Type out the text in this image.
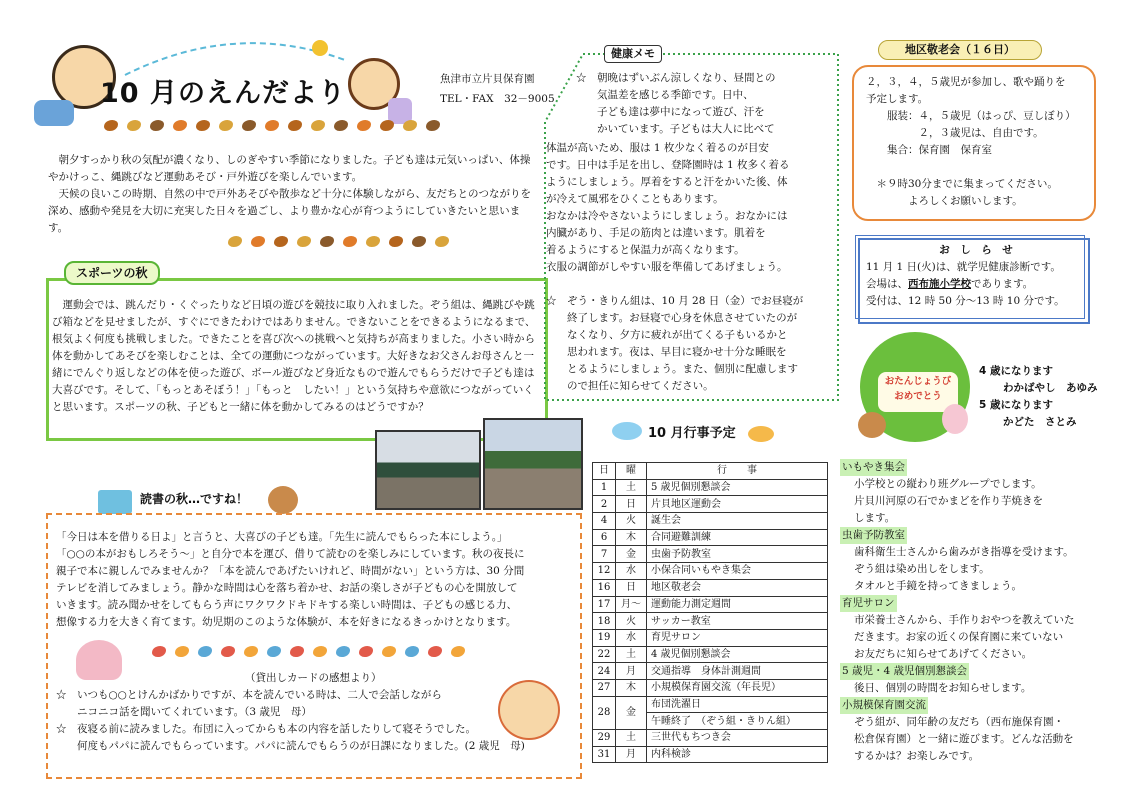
10 月のえんだより	魚津市立片貝保育園
TEL・FAX　32－9005

朝夕すっかり秋の気配が濃くなり、しのぎやすい季節になりました。子ども達は元気いっぱい、体操やかけっこ、縄跳びなど運動あそび・戸外遊びを楽しんでいます。

天候の良いこの時期、自然の中で戸外あそびや散歩など十分に体験しながら、友だちとのつながりを深め、感動や発見を大切に充実した日々を過ごし、より豊かな心が育つようにしていきたいと思います。

スポーツの秋

運動会では、跳んだり・くぐったりなど日頃の遊びを競技に取り入れました。ぞう組は、縄跳びや跳び箱などを見せましたが、すぐにできたわけではありません。できないことをできるようになるまで、根気よく何度も挑戦しました。できたことを喜び次への挑戦へと気持ちが高まりました。小さい時から体を動かしてあそびを楽しむことは、全ての運動につながっています。大好きなお父さんお母さんと一緒にでんぐり返しなどの体を使った遊び、ボール遊びなど身近なもので遊んでもらうだけで子ども達は大喜びです。そして、「もっとあそぼう！」「もっと　したい！」という気持ちや意欲につながっていくと思います。スポーツの秋、子どもと一緒に体を動かしてみるのはどうですか？

読書の秋…ですね！

「今日は本を借りる日よ」と言うと、大喜びの子ども達。「先生に読んでもらった本にしよう。」

「○○の本がおもしろそう～」と自分で本を運び、借りて読むのを楽しみにしています。秋の夜長に

親子で本に親しんでみませんか？「本を読んであげたいけれど、時間がない」という方は、30 分間

テレビを消してみましょう。静かな時間は心を落ち着かせ、お話の楽しさが子どもの心を開放して

いきます。読み聞かせをしてもらう声にワクワクドキドキする楽しい時間は、子どもの感じる力、

想像する力を大きく育てます。幼児期のこのような体験が、本を好きになるきっかけとなります。

（貸出しカードの感想より）

☆　いつも○○とけんかばかりですが、本を読んでいる時は、二人で会話しながら

　　ニコニコ話を聞いてくれています。（3 歳児　母）

☆　夜寝る前に読みました。布団に入ってからも本の内容を話したりして寝そうでした。

　　何度もパパに読んでもらっています。パパに読んでもらうのが日課になりました。(2 歳児　母)

健康メモ

☆　朝晩はずいぶん涼しくなり、昼間との

　　気温差を感じる季節です。日中、

　　子ども達は夢中になって遊び、汗を

　　かいています。子どもは大人に比べて

体温が高いため、服は 1 枚少なく着るのが目安

です。日中は手足を出し、登降園時は 1 枚多く着る

ようにしましょう。厚着をすると汗をかいた後、体

が冷えて風邪をひくこともあります。

おなかは冷やさないようにしましょう。おなかには

内臓があり、手足の筋肉とは違います。肌着を

着るようにすると保温力が高くなります。

衣服の調節がしやすい服を準備してあげましょう。

☆　ぞう・きりん組は、10 月 28 日（金）でお昼寝が

　　終了します。お昼寝で心身を休息させていたのが

　　なくなり、夕方に疲れが出てくる子もいるかと

　　思われます。夜は、早目に寝かせ十分な睡眠を

　　とるようにしましょう。また、個別に配慮します

　　ので担任に知らせてください。

10 月行事予定
日	曜	行　　事
1	土	5 歳児個別懇談会
2	日	片貝地区運動会
4	火	誕生会
6	木	合同避難訓練
7	金	虫歯予防教室
12	水	小保合同いもやき集会
16	日	地区敬老会
17	月～	運動能力測定週間
18	火	サッカー教室
19	水	育児サロン
22	土	4 歳児個別懇談会
24	月	交通指導　身体計測週間
27	木	小規模保育園交流（年長児）
28	金	布団洗濯日
		午睡終了　（ぞう組・きりん組）
29	土	三世代もちつき会
31	月	内科検診
地区敬老会（１６日）

２，３，４，５歳児が参加し、歌や踊りを

予定します。

　　服装：４，５歳児（はっぴ、豆しぼり）

　　　　　２，３歳児は、自由です。

　　集合：保育園　保育室

　＊９時30分までに集まってください。

　　　　よろしくお願いします。

お　し　ら　せ

11 月 1 日(火)は、就学児健康診断です。

会場は、西布施小学校であります。

受付は、12 時 50 分～13 時 10 分です。

おたんじょうび
おめでとう
4 歳になります
わかばやし　あゆみ
5 歳になります
かどた　さとみ

いもやき集会

小学校との縦わり班グループでします。

片貝川河原の石でかまどを作り芋焼きを

します。

虫歯予防教室

歯科衛生士さんから歯みがき指導を受けます。

ぞう組は染め出しをします。

タオルと手鏡を持ってきましょう。

育児サロン

市栄養士さんから、手作りおやつを教えていた

だきます。お家の近くの保育園に来ていない

お友だちに知らせてあげてください。

5 歳児・4 歳児個別懇談会

後日、個別の時間をお知らせします。

小規模保育園交流

ぞう組が、同年齢の友だち（西布施保育園・

松倉保育園）と一緒に遊びます。どんな活動を

するかは？お楽しみです。
